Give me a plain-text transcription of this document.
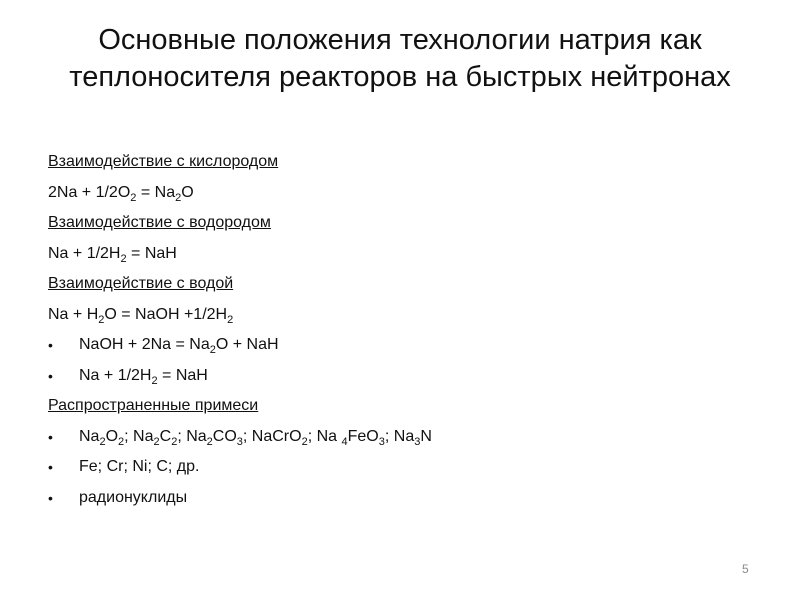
Основные положения технологии натрия как
теплоносителя реакторов на быстрых нейтронах
Взаимодействие с кислородом
$2Na + 1/2O_2 = Na_2O$
Взаимодействие с водородом
$Na + 1/2H_2$ = NaH
Взаимодействие с водой
$Na + H_2O$ = NaOH $+1/2H_2$
• NaOH + $2Na = Na_2O$ + NaH
• $Na + 1/2H_2$ = NaH
Распространенные примеси
• $Na_2O_2$; $Na_2C_2$; $Na_2CO_3$; NaCrO$_2$; Na $_4$FeO$_3$; $Na_3N$
• Fe; Cr; Ni; C; др.
• радионуклиды
5
